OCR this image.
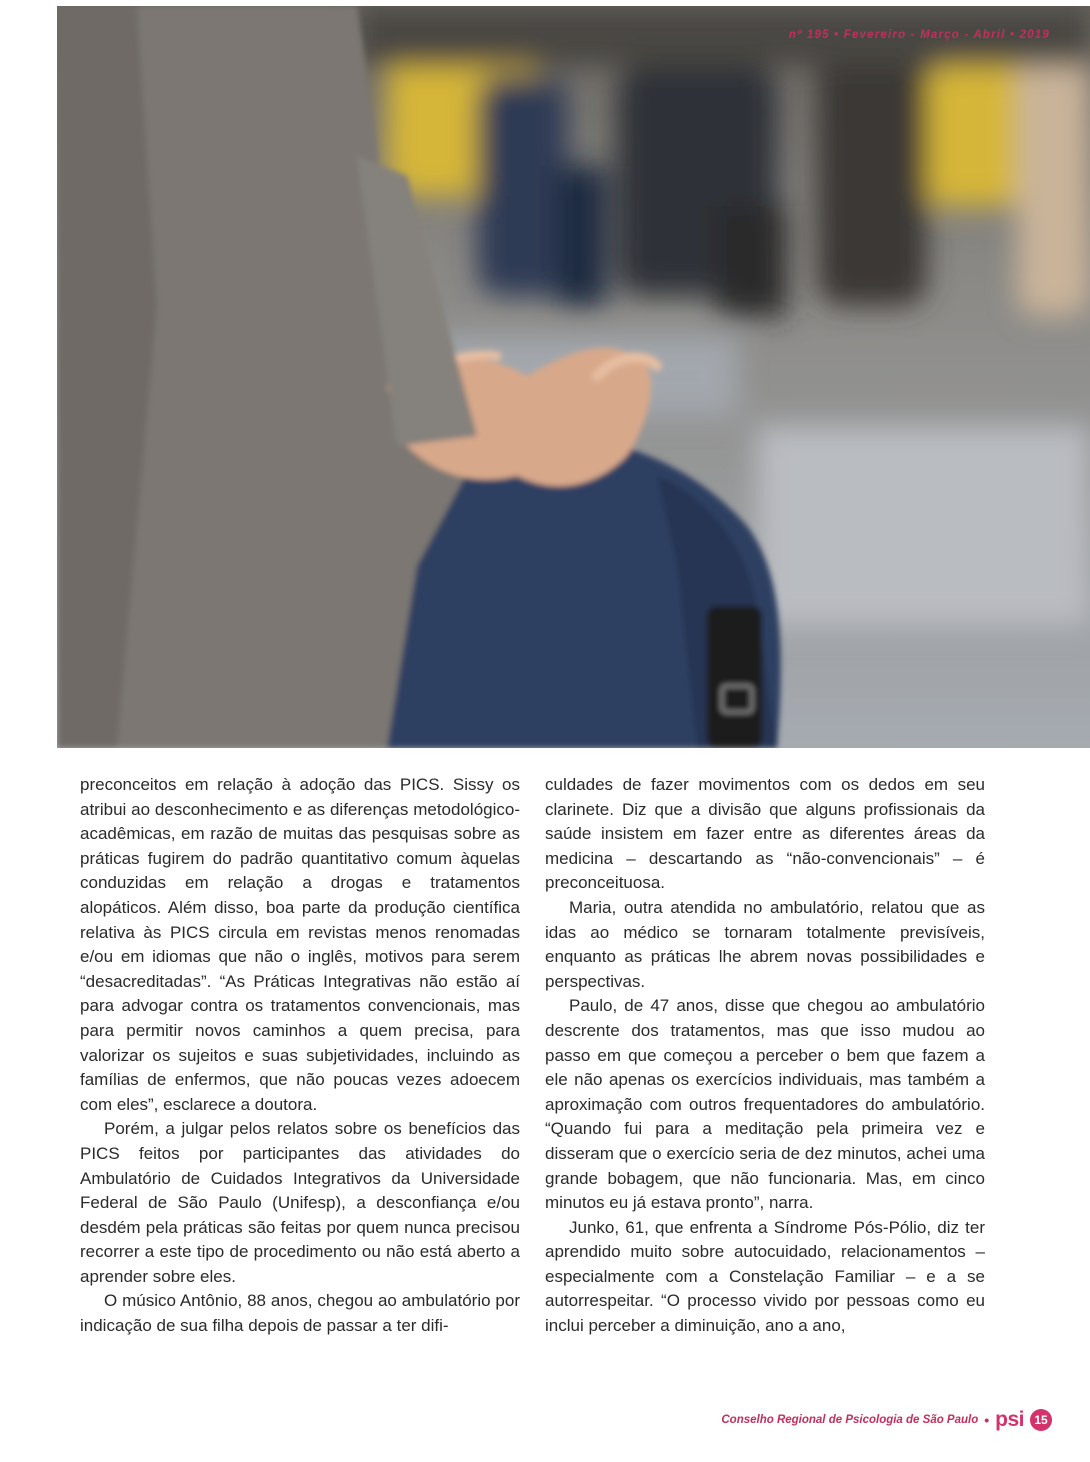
nº 195 • Fevereiro - Março - Abril • 2019

preconceitos em relação à adoção das PICS. Sissy os atribui ao desconhecimento e as diferenças metodológico-acadêmicas, em razão de muitas das pesquisas sobre as práticas fugirem do padrão quantitativo comum àquelas conduzidas em relação a drogas e tratamentos alopáticos. Além disso, boa parte da produção científica relativa às PICS circula em revistas menos renomadas e/ou em idiomas que não o inglês, motivos para serem “desacreditadas”. “As Práticas Integrativas não estão aí para advogar contra os tratamentos convencionais, mas para permitir novos caminhos a quem precisa, para valorizar os sujeitos e suas subjetividades, incluindo as famílias de enfermos, que não poucas vezes adoecem com eles”, esclarece a doutora.

Porém, a julgar pelos relatos sobre os benefícios das PICS feitos por participantes das atividades do Ambulatório de Cuidados Integrativos da Universidade Federal de São Paulo (Unifesp), a desconfiança e/ou desdém pela práticas são feitas por quem nunca precisou recorrer a este tipo de procedimento ou não está aberto a aprender sobre eles.

O músico Antônio, 88 anos, chegou ao ambulatório por indicação de sua filha depois de passar a ter difi-

culdades de fazer movimentos com os dedos em seu clarinete. Diz que a divisão que alguns profissionais da saúde insistem em fazer entre as diferentes áreas da medicina – descartando as “não-convencionais” – é preconceituosa.

Maria, outra atendida no ambulatório, relatou que as idas ao médico se tornaram totalmente previsíveis, enquanto as práticas lhe abrem novas possibilidades e perspectivas.

Paulo, de 47 anos, disse que chegou ao ambulatório descrente dos tratamentos, mas que isso mudou ao passo em que começou a perceber o bem que fazem a ele não apenas os exercícios individuais, mas também a aproximação com outros frequentadores do ambulatório. “Quando fui para a meditação pela primeira vez e disseram que o exercício seria de dez minutos, achei uma grande bobagem, que não funcionaria. Mas, em cinco minutos eu já estava pronto”, narra.

Junko, 61, que enfrenta a Síndrome Pós-Pólio, diz ter aprendido muito sobre autocuidado, relacionamentos – especialmente com a Constelação Familiar – e a se autorrespeitar. “O processo vivido por pessoas como eu inclui perceber a diminuição, ano a ano,

Conselho Regional de Psicologia de São Paulo • psi 15
